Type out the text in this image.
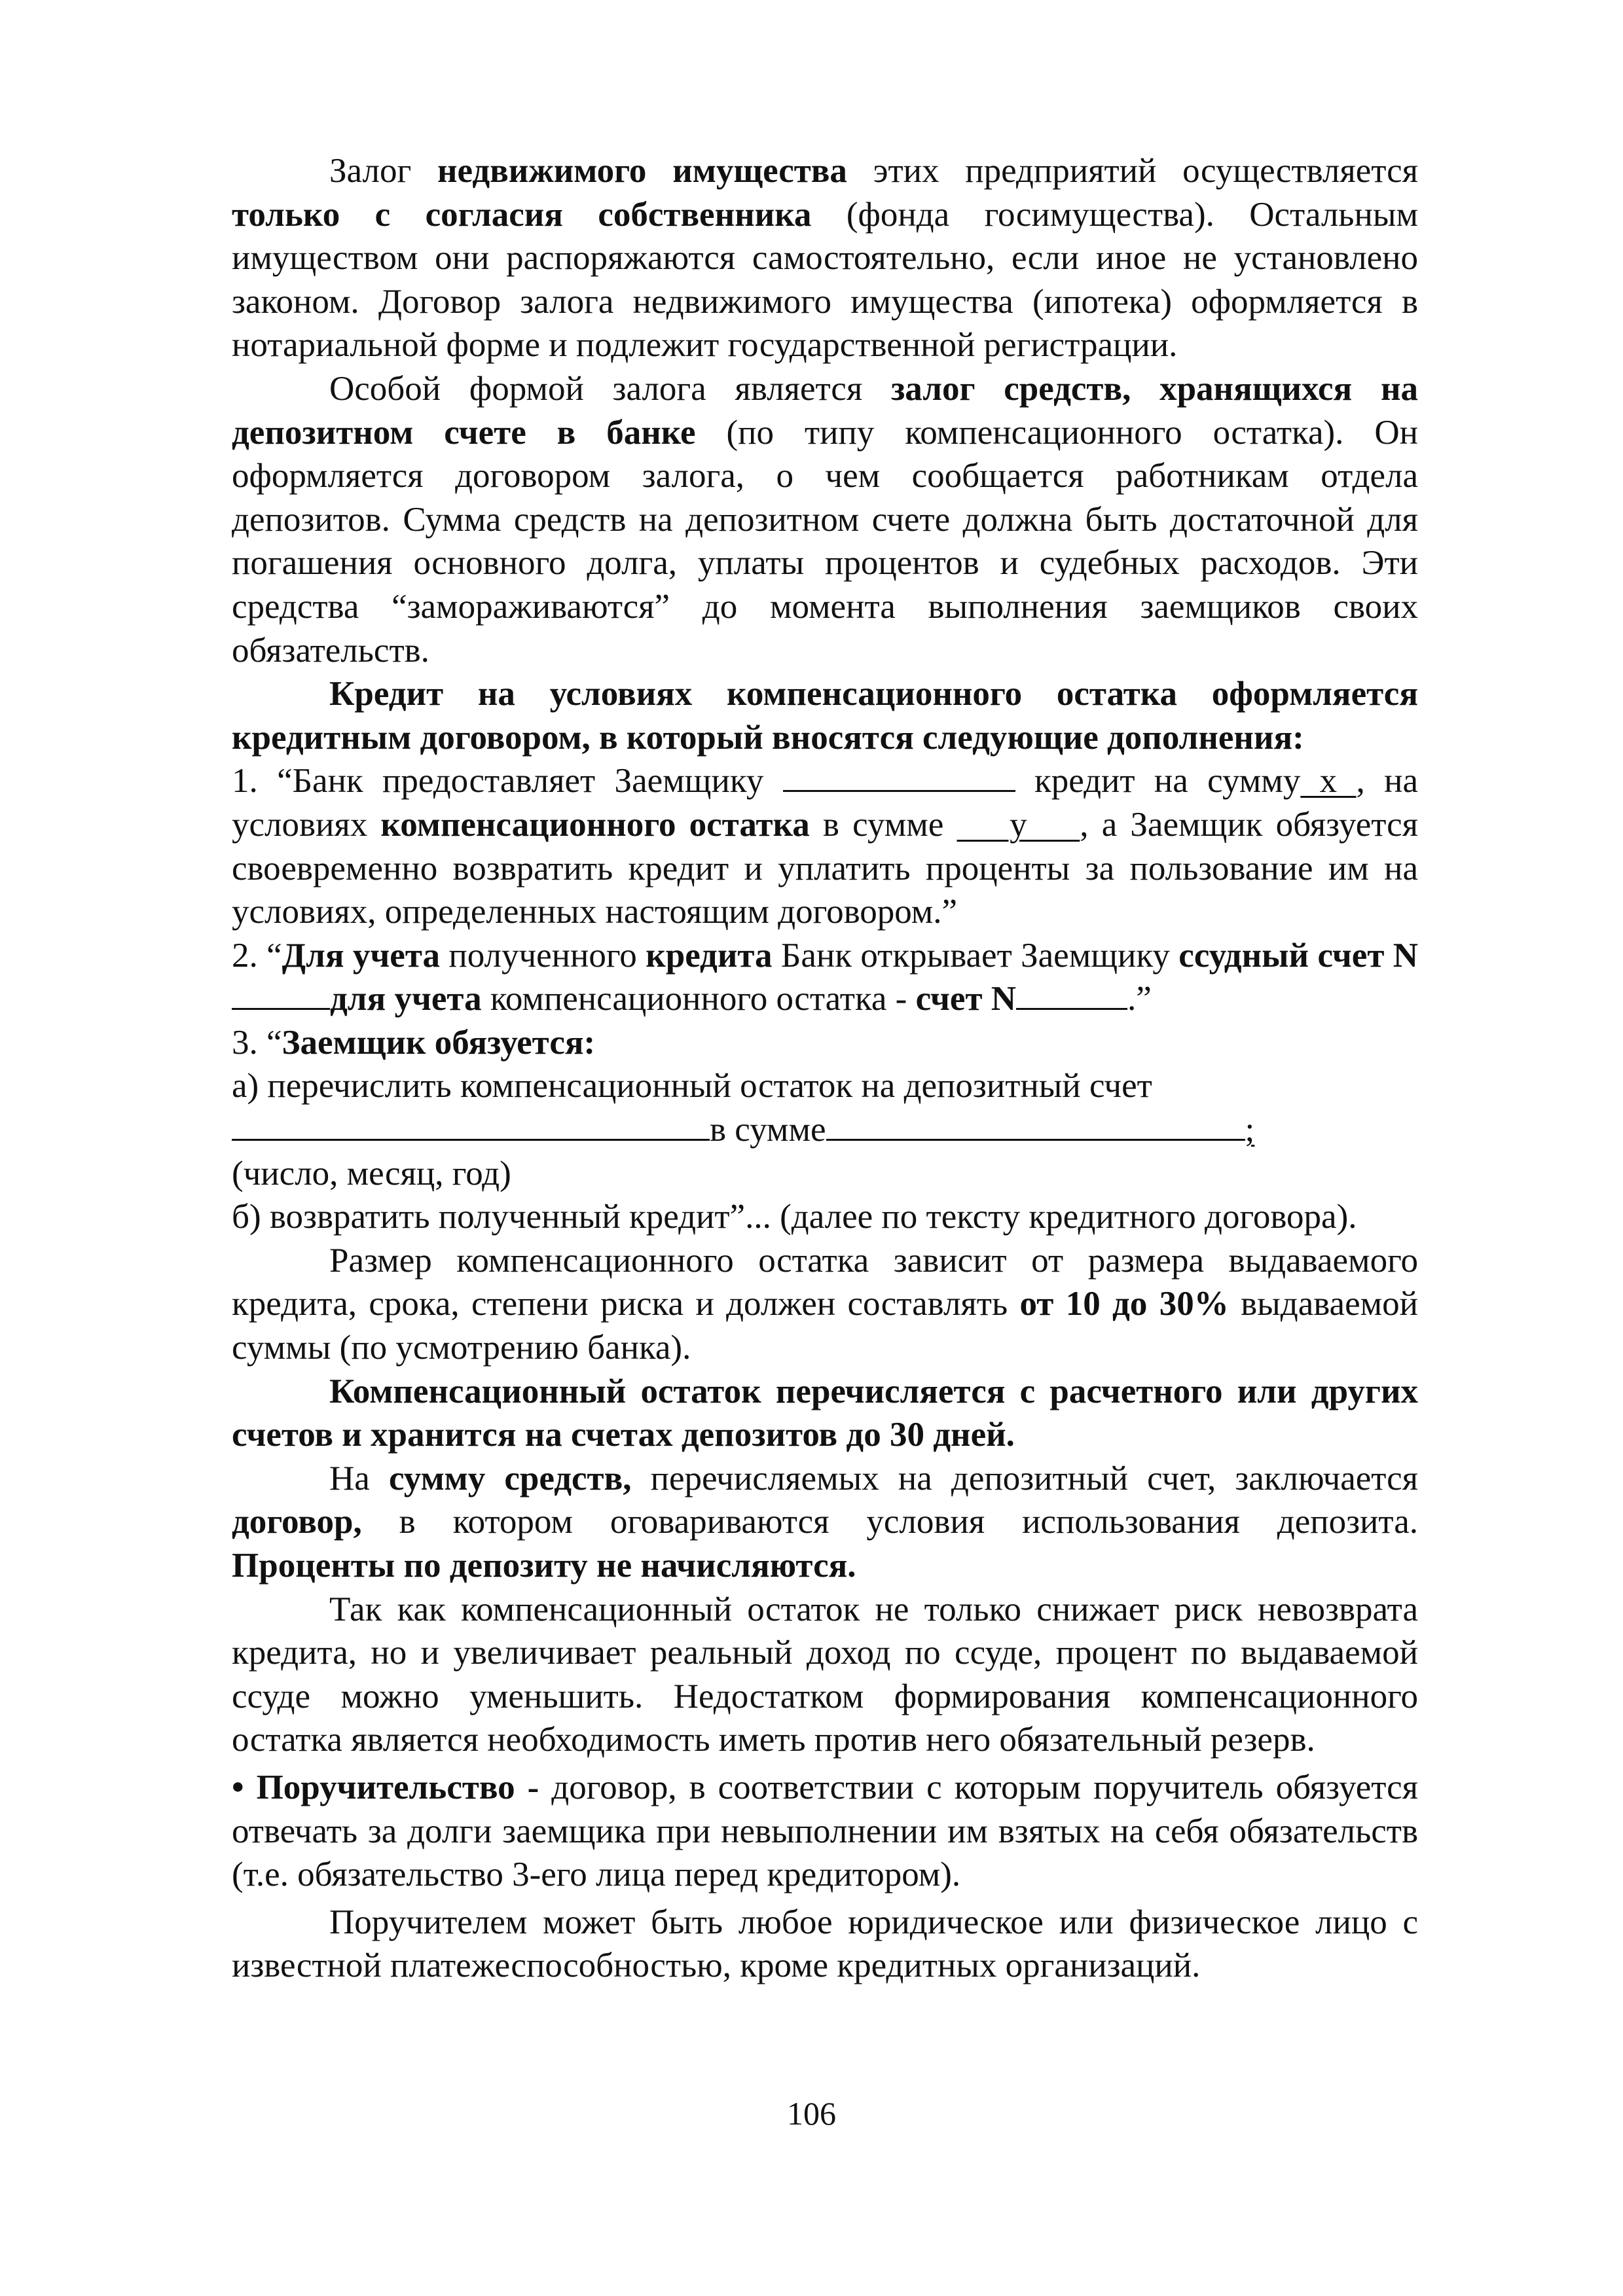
Залог недвижимого имущества этих предприятий осуществляется только с согласия собственника (фонда госимущества). Остальным имуществом они распоряжаются самостоятельно, если иное не установлено законом. Договор залога недвижимого имущества (ипотека) оформляется в нотариальной форме и подлежит государственной регистрации.

Особой формой залога является залог средств, хранящихся на депозитном счете в банке (по типу компенсационного остатка). Он оформляется договором залога, о чем сообщается работникам отдела депозитов. Сумма средств на депозитном счете должна быть достаточной для погашения основного долга, уплаты процентов и судебных расходов. Эти средства “замораживаются” до момента выполнения заемщиков своих обязательств.

Кредит на условиях компенсационного остатка оформляется кредитным договором, в который вносятся следующие дополнения:

1. “Банк предоставляет Заемщику	кредит на сумму x , на условиях компенсационного остатка в сумме     у    , а Заемщик обязуется своевременно возвратить кредит и уплатить проценты за пользование им на условиях, определенных настоящим договором.”

2. “Для учета полученного кредита Банк открывает Заемщику ссудный счет Nдля учета компенсационного остатка - счет N	.”

3. “Заемщик обязуется:

а) перечислить компенсационный остаток на депозитный счет

в сумме	;

(число, месяц, год)

б) возвратить полученный кредит”... (далее по тексту кредитного договора).

Размер компенсационного остатка зависит от размера выдаваемого кредита, срока, степени риска и должен составлять от 10 до 30% выдаваемой суммы (по усмотрению банка).

Компенсационный остаток перечисляется с расчетного или других счетов и хранится на счетах депозитов до 30 дней.

На сумму средств, перечисляемых на депозитный счет, заключается договор, в котором оговариваются условия использования депозита. Проценты по депозиту не начисляются.

Так как компенсационный остаток не только снижает риск невозврата кредита, но и увеличивает реальный доход по ссуде, процент по выдаваемой ссуде можно уменьшить. Недостатком формирования компенсационного остатка является необходимость иметь против него обязательный резерв.

• Поручительство - договор, в соответствии с которым поручитель обязуется отвечать за долги заемщика при невыполнении им взятых на себя обязательств (т.е. обязательство 3-его лица перед кредитором).

Поручителем может быть любое юридическое или физическое лицо с известной платежеспособностью, кроме кредитных организаций.

106
